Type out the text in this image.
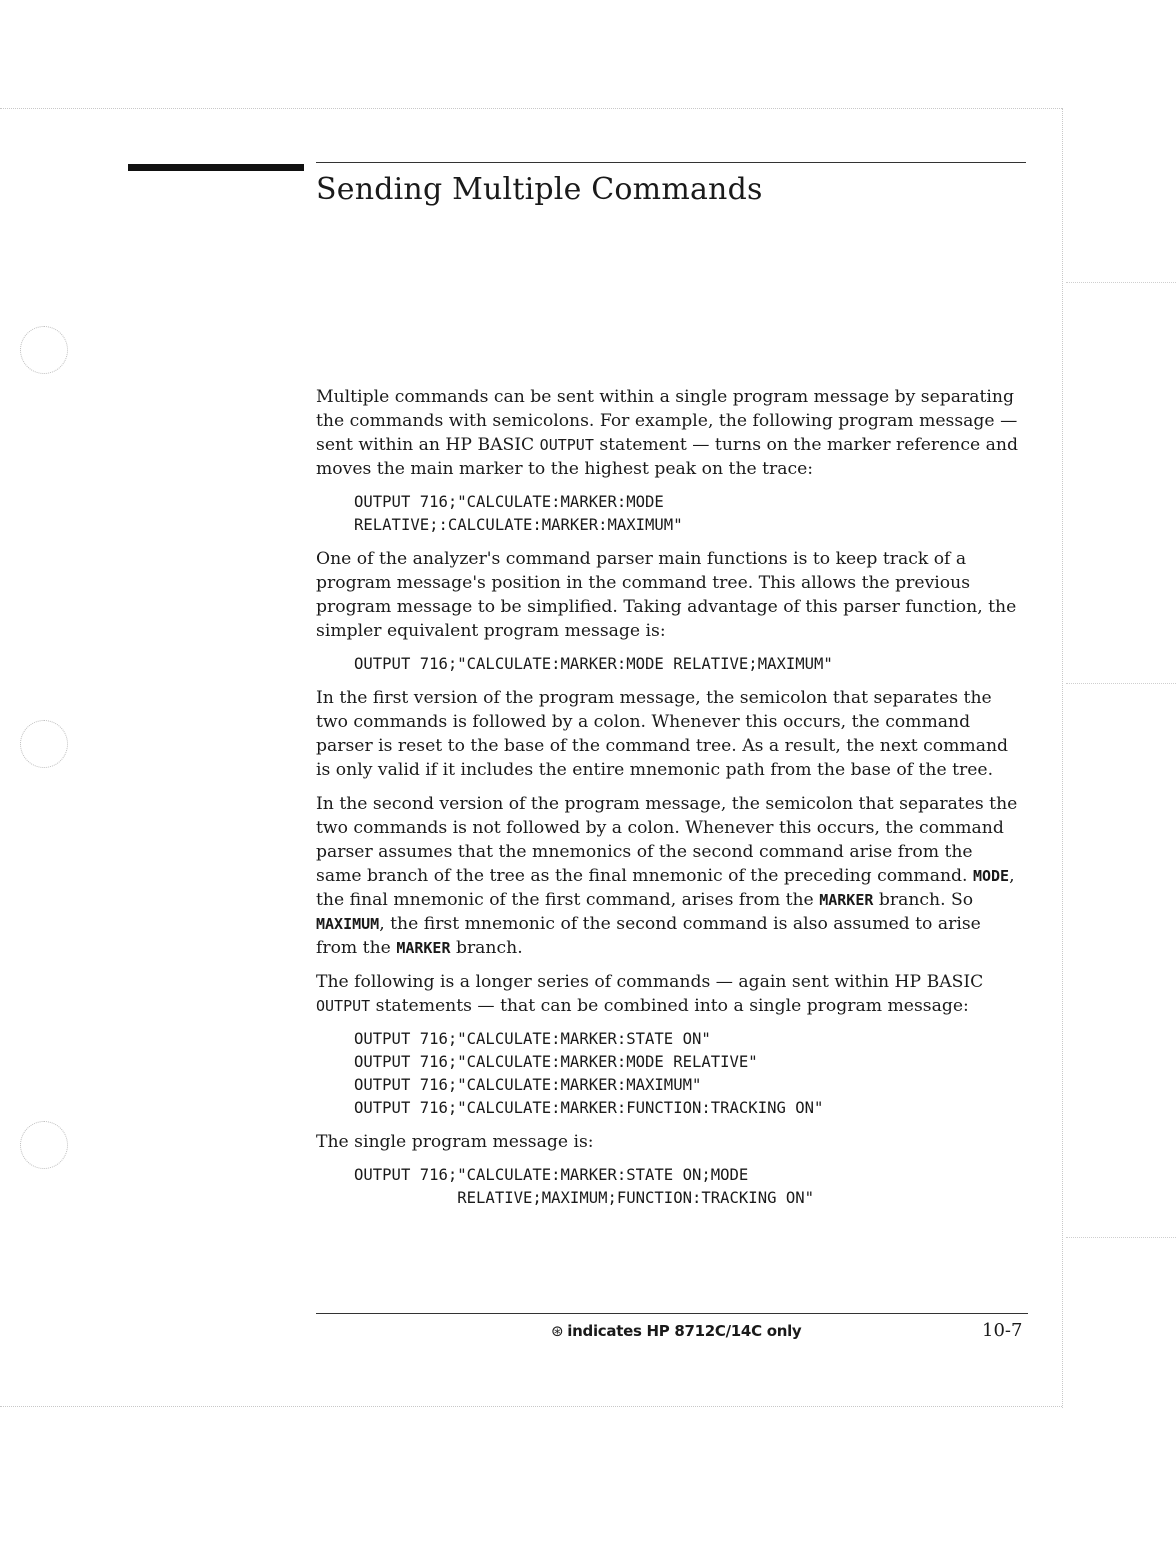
Sending Multiple Commands

Multiple commands can be sent within a single program message by separating the commands with semicolons. For example, the following program message — sent within an HP BASIC OUTPUT statement — turns on the marker reference and moves the main marker to the highest peak on the trace:

OUTPUT 716;"CALCULATE:MARKER:MODE
RELATIVE;:CALCULATE:MARKER:MAXIMUM"

One of the analyzer's command parser main functions is to keep track of a program message's position in the command tree. This allows the previous program message to be simplified. Taking advantage of this parser function, the simpler equivalent program message is:

OUTPUT 716;"CALCULATE:MARKER:MODE RELATIVE;MAXIMUM"

In the first version of the program message, the semicolon that separates the two commands is followed by a colon. Whenever this occurs, the command parser is reset to the base of the command tree. As a result, the next command is only valid if it includes the entire mnemonic path from the base of the tree.

In the second version of the program message, the semicolon that separates the two commands is not followed by a colon. Whenever this occurs, the command parser assumes that the mnemonics of the second command arise from the same branch of the tree as the final mnemonic of the preceding command. MODE, the final mnemonic of the first command, arises from the MARKER branch. So MAXIMUM, the first mnemonic of the second command is also assumed to arise from the MARKER branch.

The following is a longer series of commands — again sent within HP BASIC OUTPUT statements — that can be combined into a single program message:

OUTPUT 716;"CALCULATE:MARKER:STATE ON"
OUTPUT 716;"CALCULATE:MARKER:MODE RELATIVE"
OUTPUT 716;"CALCULATE:MARKER:MAXIMUM"
OUTPUT 716;"CALCULATE:MARKER:FUNCTION:TRACKING ON"

The single program message is:

OUTPUT 716;"CALCULATE:MARKER:STATE ON;MODE
RELATIVE;MAXIMUM;FUNCTION:TRACKING ON"
⊛ indicates HP 8712C/14C only	10-7
